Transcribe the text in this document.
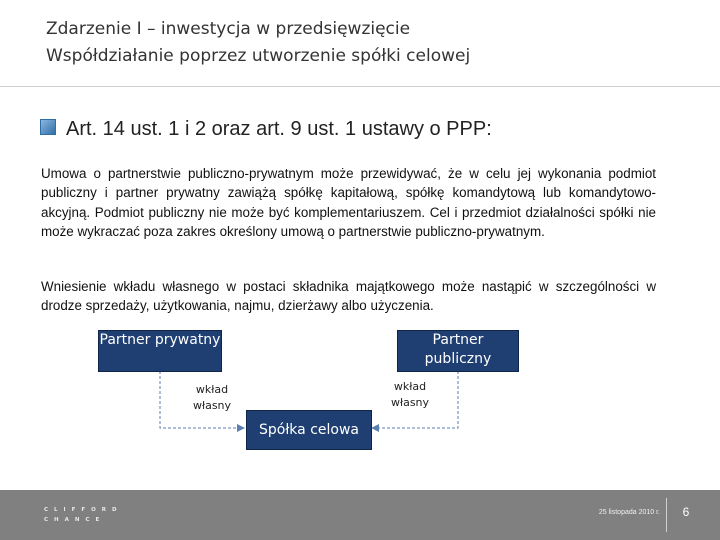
Zdarzenie I – inwestycja w przedsięwzięcie
Współdziałanie poprzez utworzenie spółki celowej
Art. 14 ust. 1 i 2 oraz art. 9 ust. 1 ustawy o PPP:
Umowa o partnerstwie publiczno-prywatnym może przewidywać, że w celu jej wykonania podmiot publiczny i partner prywatny zawiążą spółkę kapitałową, spółkę komandytową lub komandytowo-akcyjną. Podmiot publiczny nie może być komplementariuszem. Cel i przedmiot działalności spółki nie może wykraczać poza zakres określony umową o partnerstwie publiczno-prywatnym.
Wniesienie wkładu własnego w postaci składnika majątkowego może nastąpić w szczególności w drodze sprzedaży, użytkowania, najmu, dzierżawy albo użyczenia.
Partner prywatny	Partner publiczny
Spółka celowa
wkład własny
wkład własny
CLIFFORD
CHANCE
25 listopada 2010 r.	6
